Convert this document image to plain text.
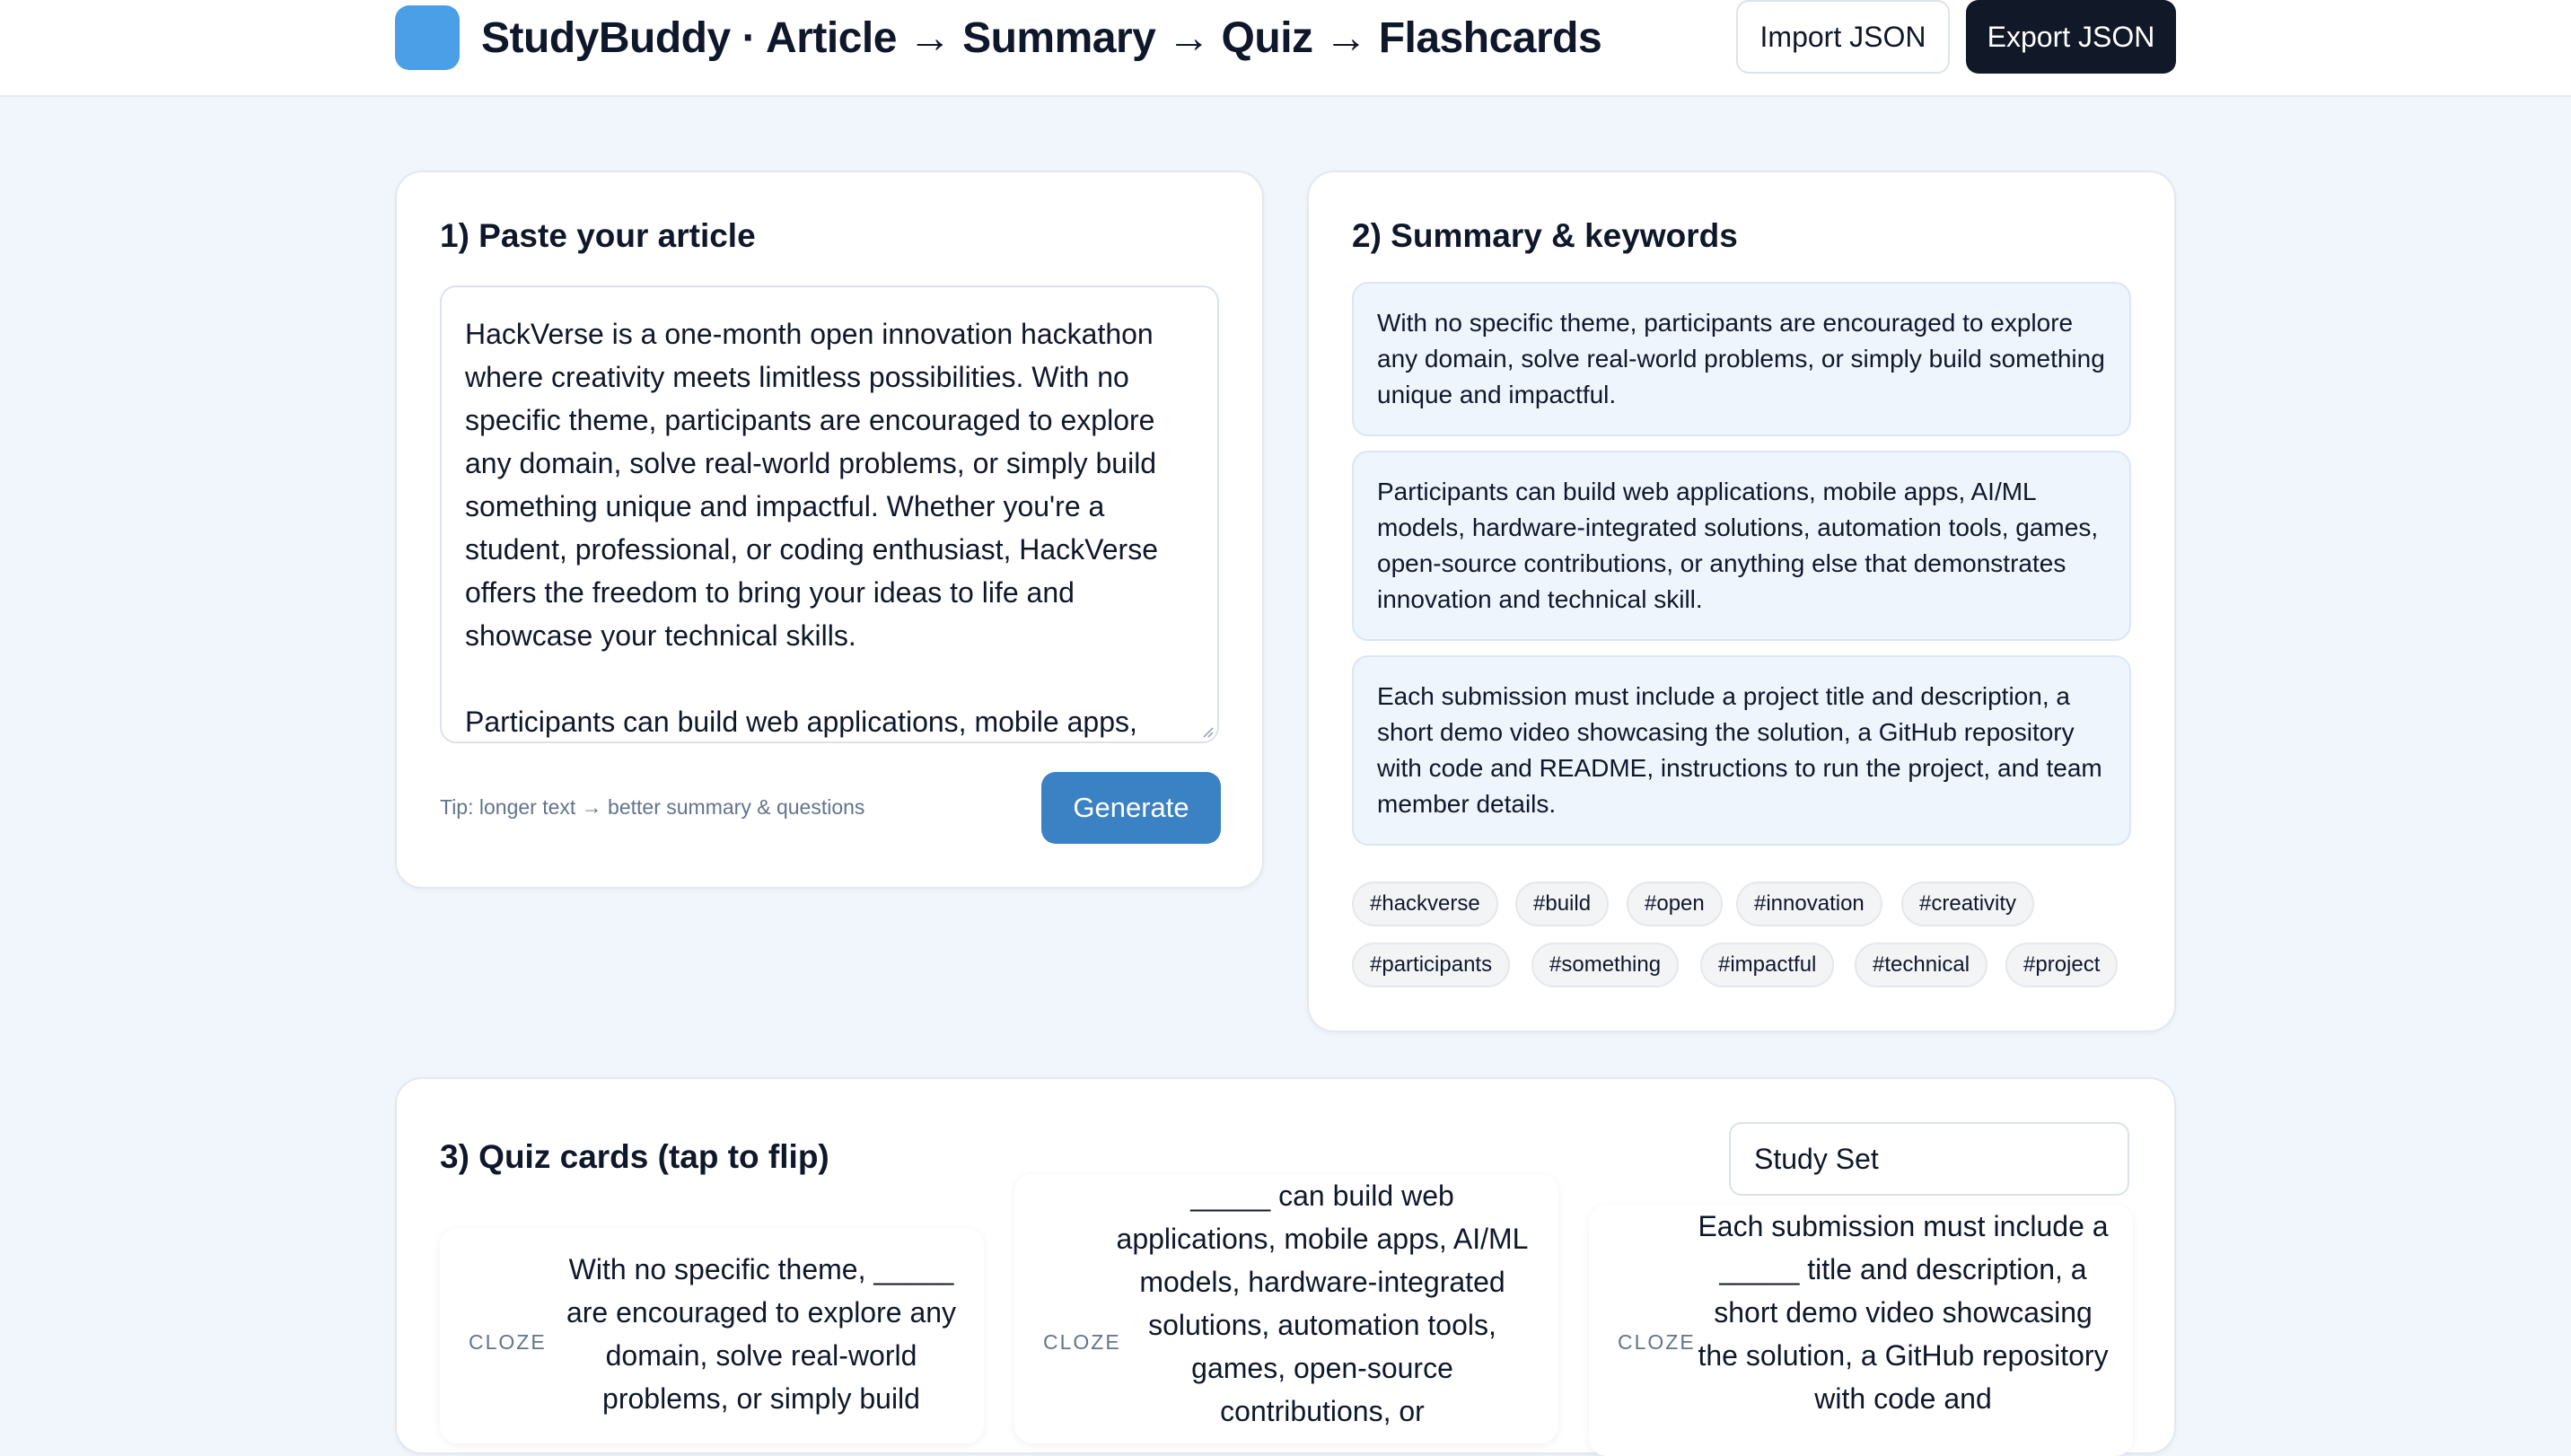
StudyBuddy · Article → Summary → Quiz → Flashcards	Import JSON	Export JSON
1) Paste your article

HackVerse is a one-month open innovation hackathon where creativity meets limitless possibilities. With no specific theme, participants are encouraged to explore any domain, solve real-world problems, or simply build something unique and impactful. Whether you're a student, professional, or coding enthusiast, HackVerse offers the freedom to bring your ideas to life and showcase your technical skills.

Participants can build web applications, mobile apps,

Tip: longer text → better summary & questions	Generate
2) Summary & keywords
With no specific theme, participants are encouraged to explore any domain, solve real-world problems, or simply build something unique and impactful.
Participants can build web applications, mobile apps, AI/ML models, hardware-integrated solutions, automation tools, games, open-source contributions, or anything else that demonstrates innovation and technical skill.
Each submission must include a project title and description, a short demo video showcasing the solution, a GitHub repository with code and README, instructions to run the project, and team member details.
#hackverse	#build	#open	#innovation	#creativity
#participants	#something	#impactful	#technical	#project
3) Quiz cards (tap to flip)	Study Set
CLOZE
With no specific theme, _____ are encouraged to explore any domain, solve real-world problems, or simply build
CLOZE
_____ can build web applications, mobile apps, AI/ML models, hardware-integrated solutions, automation tools, games, open-source contributions, or
CLOZE
Each submission must include a _____ title and description, a short demo video showcasing the solution, a GitHub repository with code and
